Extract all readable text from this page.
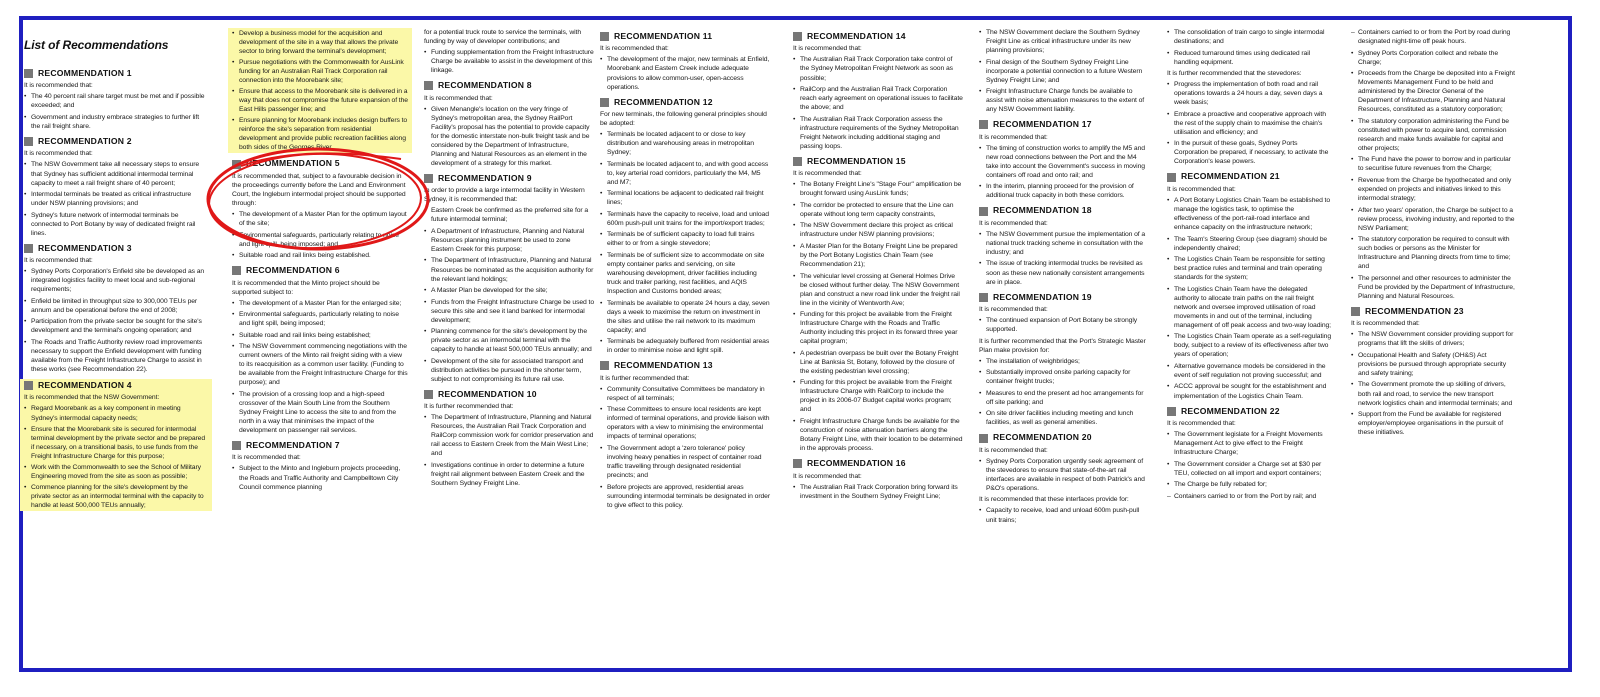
List of Recommendations
RECOMMENDATION 1
It is recommended that:
• The 40 percent rail share target must be met and if possible exceeded; and
• Government and industry embrace strategies to further lift the rail freight share.
RECOMMENDATION 2
It is recommended that:
• The NSW Government take all necessary steps to ensure that Sydney has sufficient additional intermodal terminal capacity to meet a rail freight share of 40 percent;
• Intermodal terminals be treated as critical infrastructure under NSW planning provisions; and
• Sydney's future network of intermodal terminals be connected to Port Botany by way of dedicated freight rail lines.
RECOMMENDATION 3
It is recommended that:
• Sydney Ports Corporation's Enfield site be developed as an integrated logistics facility to meet local and sub-regional requirements;
• Enfield be limited in throughput size to 300,000 TEUs per annum and be operational before the end of 2008;
• Participation from the private sector be sought for the site's development and the terminal's ongoing operation; and
• The Roads and Traffic Authority review road improvements necessary to support the Enfield development with funding available from the Freight Infrastructure Charge to assist in these works (see Recommendation 22).
RECOMMENDATION 4
It is recommended that the NSW Government:
• Regard Moorebank as a key component in meeting Sydney's intermodal capacity needs;
• Ensure that the Moorebank site is secured for intermodal terminal development by the private sector and be prepared if necessary, on a transitional basis, to use funds from the Freight Infrastructure Charge for this purpose;
• Work with the Commonwealth to see the School of Military Engineering moved from the site as soon as possible;
• Commence planning for the site's development by the private sector as an intermodal terminal with the capacity to handle at least 500,000 TEUs annually;
• Develop a business model for the acquisition and development of the site in a way that allows the private sector to bring forward the terminal's development;
• Pursue negotiations with the Commonwealth for AusLink funding for an Australian Rail Track Corporation rail connection into the Moorebank site;
• Ensure that access to the Moorebank site is delivered in a way that does not compromise the future expansion of the East Hills passenger line; and
• Ensure planning for Moorebank includes design buffers to reinforce the site's separation from residential development and provide public recreation facilities along both sides of the Georges River.
RECOMMENDATION 5
It is recommended that, subject to a favourable decision in the proceedings currently before the Land and Environment Court, the Ingleburn intermodal project should be supported through:
• The development of a Master Plan for the optimum layout of the site;
• Environmental safeguards, particularly relating to noise and light spill, being imposed; and
• Suitable road and rail links being established.
RECOMMENDATION 6
It is recommended that the Minto project should be supported subject to:
• The development of a Master Plan for the enlarged site;
• Environmental safeguards, particularly relating to noise and light spill, being imposed;
• Suitable road and rail links being established;
• The NSW Government commencing negotiations with the current owners of the Minto rail freight siding with a view to its reacquisition as a common user facility. (Funding to be available from the Freight Infrastructure Charge for this purpose); and
• The provision of a crossing loop and a high-speed crossover of the Main South Line from the Southern Sydney Freight Line to access the site to and from the north in a way that minimises the impact of the development on passenger rail services.
RECOMMENDATION 7
It is recommended that:
• Subject to the Minto and Ingleburn projects proceeding, the Roads and Traffic Authority and Campbelltown City Council commence planning
for a potential truck route to service the terminals, with funding by way of developer contributions; and
• Funding supplementation from the Freight Infrastructure Charge be available to assist in the development of this linkage.
RECOMMENDATION 8
It is recommended that:
• Given Menangle's location on the very fringe of Sydney's metropolitan area, the Sydney RailPort Facility's proposal has the potential to provide capacity for the domestic interstate non-bulk freight task and be considered by the Department of Infrastructure, Planning and Natural Resources as an element in the development of a strategy for this market.
RECOMMENDATION 9
In order to provide a large intermodal facility in Western Sydney, it is recommended that:
• Eastern Creek be confirmed as the preferred site for a future intermodal terminal;
• A Department of Infrastructure, Planning and Natural Resources planning instrument be used to zone Eastern Creek for this purpose;
• The Department of Infrastructure, Planning and Natural Resources be nominated as the acquisition authority for the relevant land holdings;
• A Master Plan be developed for the site;
• Funds from the Freight Infrastructure Charge be used to secure this site and see it land banked for intermodal development;
• Planning commence for the site's development by the private sector as an intermodal terminal with the capacity to handle at least 500,000 TEUs annually; and
• Development of the site for associated transport and distribution activities be pursued in the shorter term, subject to not compromising its future rail use.
RECOMMENDATION 10
It is further recommended that:
• The Department of Infrastructure, Planning and Natural Resources, the Australian Rail Track Corporation and RailCorp commission work for corridor preservation and rail access to Eastern Creek from the Main West Line; and
• Investigations continue in order to determine a future freight rail alignment between Eastern Creek and the Southern Sydney Freight Line.
RECOMMENDATION 11
It is recommended that:
• The development of the major, new terminals at Enfield, Moorebank and Eastern Creek include adequate provisions to allow common-user, open-access operations.
RECOMMENDATION 12
For new terminals, the following general principles should be adopted:
• Terminals be located adjacent to or close to key distribution and warehousing areas in metropolitan Sydney;
• Terminals be located adjacent to, and with good access to, key arterial road corridors, particularly the M4, M5 and M7;
• Terminal locations be adjacent to dedicated rail freight lines;
• Terminals have the capacity to receive, load and unload 600m push-pull unit trains for the import/export trades;
• Terminals be of sufficient capacity to load full trains either to or from a single stevedore;
• Terminals be of sufficient size to accommodate on site empty container parks and servicing, on site warehousing development, driver facilities including truck and trailer parking, rest facilities, and AQIS Inspection and Customs bonded areas;
• Terminals be available to operate 24 hours a day, seven days a week to maximise the return on investment in the sites and utilise the rail network to its maximum capacity; and
• Terminals be adequately buffered from residential areas in order to minimise noise and light spill.
RECOMMENDATION 13
It is further recommended that:
• Community Consultative Committees be mandatory in respect of all terminals;
• These Committees to ensure local residents are kept informed of terminal operations, and provide liaison with operators with a view to minimising the environmental impacts of terminal operations;
• The Government adopt a 'zero tolerance' policy involving heavy penalties in respect of container road traffic travelling through designated residential precincts; and
• Before projects are approved, residential areas surrounding intermodal terminals be designated in order to give effect to this policy.
RECOMMENDATION 14
It is recommended that:
• The Australian Rail Track Corporation take control of the Sydney Metropolitan Freight Network as soon as possible;
• RailCorp and the Australian Rail Track Corporation reach early agreement on operational issues to facilitate the above; and
• The Australian Rail Track Corporation assess the infrastructure requirements of the Sydney Metropolitan Freight Network including additional staging and passing loops.
RECOMMENDATION 15
It is recommended that:
• The Botany Freight Line's "Stage Four" amplification be brought forward using AusLink funds;
• The corridor be protected to ensure that the Line can operate without long term capacity constraints,
• The NSW Government declare this project as critical infrastructure under NSW planning provisions;
• A Master Plan for the Botany Freight Line be prepared by the Port Botany Logistics Chain Team (see Recommendation 21);
• The vehicular level crossing at General Holmes Drive be closed without further delay. The NSW Government plan and construct a new road link under the freight rail line in the vicinity of Wentworth Ave;
• Funding for this project be available from the Freight Infrastructure Charge with the Roads and Traffic Authority including this project in its forward three year capital program;
• A pedestrian overpass be built over the Botany Freight Line at Banksia St, Botany, followed by the closure of the existing pedestrian level crossing;
• Funding for this project be available from the Freight Infrastructure Charge with RailCorp to include the project in its 2006-07 Budget capital works program; and
• Freight Infrastructure Charge funds be available for the construction of noise attenuation barriers along the Botany Freight Line, with their location to be determined in the approvals process.
RECOMMENDATION 16
It is recommended that:
• The Australian Rail Track Corporation bring forward its investment in the Southern Sydney Freight Line;
• The NSW Government declare the Southern Sydney Freight Line as critical infrastructure under its new planning provisions;
• Final design of the Southern Sydney Freight Line incorporate a potential connection to a future Western Sydney Freight Line; and
• Freight Infrastructure Charge funds be available to assist with noise attenuation measures to the extent of any NSW Government liability.
RECOMMENDATION 17
It is recommended that:
• The timing of construction works to amplify the M5 and new road connections between the Port and the M4 take into account the Government's success in moving containers off road and onto rail; and
• In the interim, planning proceed for the provision of additional truck capacity in both these corridors.
RECOMMENDATION 18
It is recommended that:
• The NSW Government pursue the implementation of a national truck tracking scheme in consultation with the industry; and
• The issue of tracking intermodal trucks be revisited as soon as these new nationally consistent arrangements are in place.
RECOMMENDATION 19
It is recommended that:
• The continued expansion of Port Botany be strongly supported.
It is further recommended that the Port's Strategic Master Plan make provision for:
• The installation of weighbridges;
• Substantially improved onsite parking capacity for container freight trucks;
• Measures to end the present ad hoc arrangements for off site parking; and
• On site driver facilities including meeting and lunch facilities, as well as general amenities.
RECOMMENDATION 20
It is recommended that:
• Sydney Ports Corporation urgently seek agreement of the stevedores to ensure that state-of-the-art rail interfaces are available in respect of both Patrick's and P&O's operations.
It is recommended that these interfaces provide for:
• Capacity to receive, load and unload 600m push-pull unit trains;
• The consolidation of train cargo to single intermodal destinations; and
• Reduced turnaround times using dedicated rail handling equipment.
It is further recommended that the stevedores:
• Progress the implementation of both road and rail operations towards a 24 hours a day, seven days a week basis;
• Embrace a proactive and cooperative approach with the rest of the supply chain to maximise the chain's utilisation and efficiency; and
• In the pursuit of these goals, Sydney Ports Corporation be prepared, if necessary, to activate the Corporation's lease powers.
RECOMMENDATION 21
It is recommended that:
• A Port Botany Logistics Chain Team be established to manage the logistics task, to optimise the effectiveness of the port-rail-road interface and enhance capacity on the infrastructure network;
• The Team's Steering Group (see diagram) should be independently chaired;
• The Logistics Chain Team be responsible for setting best practice rules and terminal and train operating standards for the system;
• The Logistics Chain Team have the delegated authority to allocate train paths on the rail freight network and oversee improved utilisation of road movements in and out of the terminal, including management of off peak access and two-way loading;
• The Logistics Chain Team operate as a self-regulating body, subject to a review of its effectiveness after two years of operation;
• Alternative governance models be considered in the event of self regulation not proving successful; and
• ACCC approval be sought for the establishment and implementation of the Logistics Chain Team.
RECOMMENDATION 22
It is recommended that:
• The Government legislate for a Freight Movements Management Act to give effect to the Freight Infrastructure Charge;
• The Government consider a Charge set at $30 per TEU, collected on all import and export containers;
• The Charge be fully rebated for;
– Containers carried to or from the Port by rail; and
– Containers carried to or from the Port by road during designated night-time off peak hours.
• Sydney Ports Corporation collect and rebate the Charge;
• Proceeds from the Charge be deposited into a Freight Movements Management Fund to be held and administered by the Director General of the Department of Infrastructure, Planning and Natural Resources, constituted as a statutory corporation;
• The statutory corporation administering the Fund be constituted with power to acquire land, commission research and make funds available for capital and other projects;
• The Fund have the power to borrow and in particular to securitise future revenues from the Charge;
• Revenue from the Charge be hypothecated and only expended on projects and initiatives linked to this intermodal strategy;
• After two years' operation, the Charge be subject to a review process, involving industry, and reported to the NSW Parliament;
• The statutory corporation be required to consult with such bodies or persons as the Minister for Infrastructure and Planning directs from time to time; and
• The personnel and other resources to administer the Fund be provided by the Department of Infrastructure, Planning and Natural Resources.
RECOMMENDATION 23
It is recommended that:
• The NSW Government consider providing support for programs that lift the skills of drivers;
• Occupational Health and Safety (OH&S) Act provisions be pursued through appropriate security and safety training;
• The Government promote the up skilling of drivers, both rail and road, to service the new transport network logistics chain and intermodal terminals; and
• Support from the Fund be available for registered employer/employee organisations in the pursuit of these initiatives.
